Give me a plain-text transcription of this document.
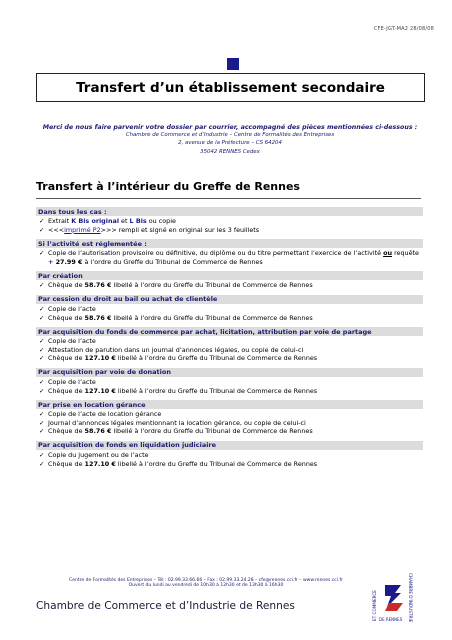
CFE-JGT-MA2 28/08/08
Transfert d’un établissement secondaire
Merci de nous faire parvenir votre dossier par courrier, accompagné des pièces mentionnées ci-dessous :
Chambre de Commerce et d’Industrie – Centre de Formalités des Entreprises
2, avenue de la Préfecture – CS 64204
35042 RENNES Cedex
Transfert à l’intérieur du Greffe de Rennes
Dans tous les cas :
✓ Extrait K Bis original et L Bis ou copie
✓ <<<imprimé P2>>> rempli et signé en original sur les 3 feuillets
Si l’activité est réglementée :
✓ Copie de l’autorisation provisoire ou définitive, du diplôme ou du titre permettant l’exercice de l’activité ou requête + 27.99 € à l’ordre du Greffe du Tribunal de Commerce de Rennes
Par création
✓ Chèque de 58.76 € libellé à l’ordre du Greffe du Tribunal de Commerce de Rennes
Par cession du droit au bail ou achat de clientèle
✓ Copie de l’acte
✓ Chèque de 58.76 € libellé à l’ordre du Greffe du Tribunal de Commerce de Rennes
Par acquisition du fonds de commerce par achat, licitation, attribution par voie de partage
✓ Copie de l’acte
✓ Attestation de parution dans un journal d’annonces légales, ou copie de celui-ci
✓ Chèque de 127.10 € libellé à l’ordre du Greffe du Tribunal de Commerce de Rennes
Par acquisition par voie de donation
✓ Copie de l’acte
✓ Chèque de 127.10 € libellé à l’ordre du Greffe du Tribunal de Commerce de Rennes
Par prise en location gérance
✓ Copie de l’acte de location gérance
✓ Journal d’annonces légales mentionnant la location gérance, ou copie de celui-ci
✓ Chèque de 58.76 € libellé à l’ordre du Greffe du Tribunal de Commerce de Rennes
Par acquisition de fonds en liquidation judiciaire
✓ Copie du jugement ou de l’acte
✓ Chèque de 127.10 € libellé à l’ordre du Greffe du Tribunal de Commerce de Rennes
Centre de Formalités des Entreprises – Tél : 02.99.33.66.66 – Fax : 02.99.33.24.28 – cfe@rennes.cci.fr – www.rennes.cci.fr
Ouvert du lundi au vendredi de 10h30 à 12h30 et de 13h30 à 16h30
Chambre de Commerce et d’Industrie de Rennes	ET COMMERCE	CHAMBRE D'INDUSTRIE
DE RENNES
